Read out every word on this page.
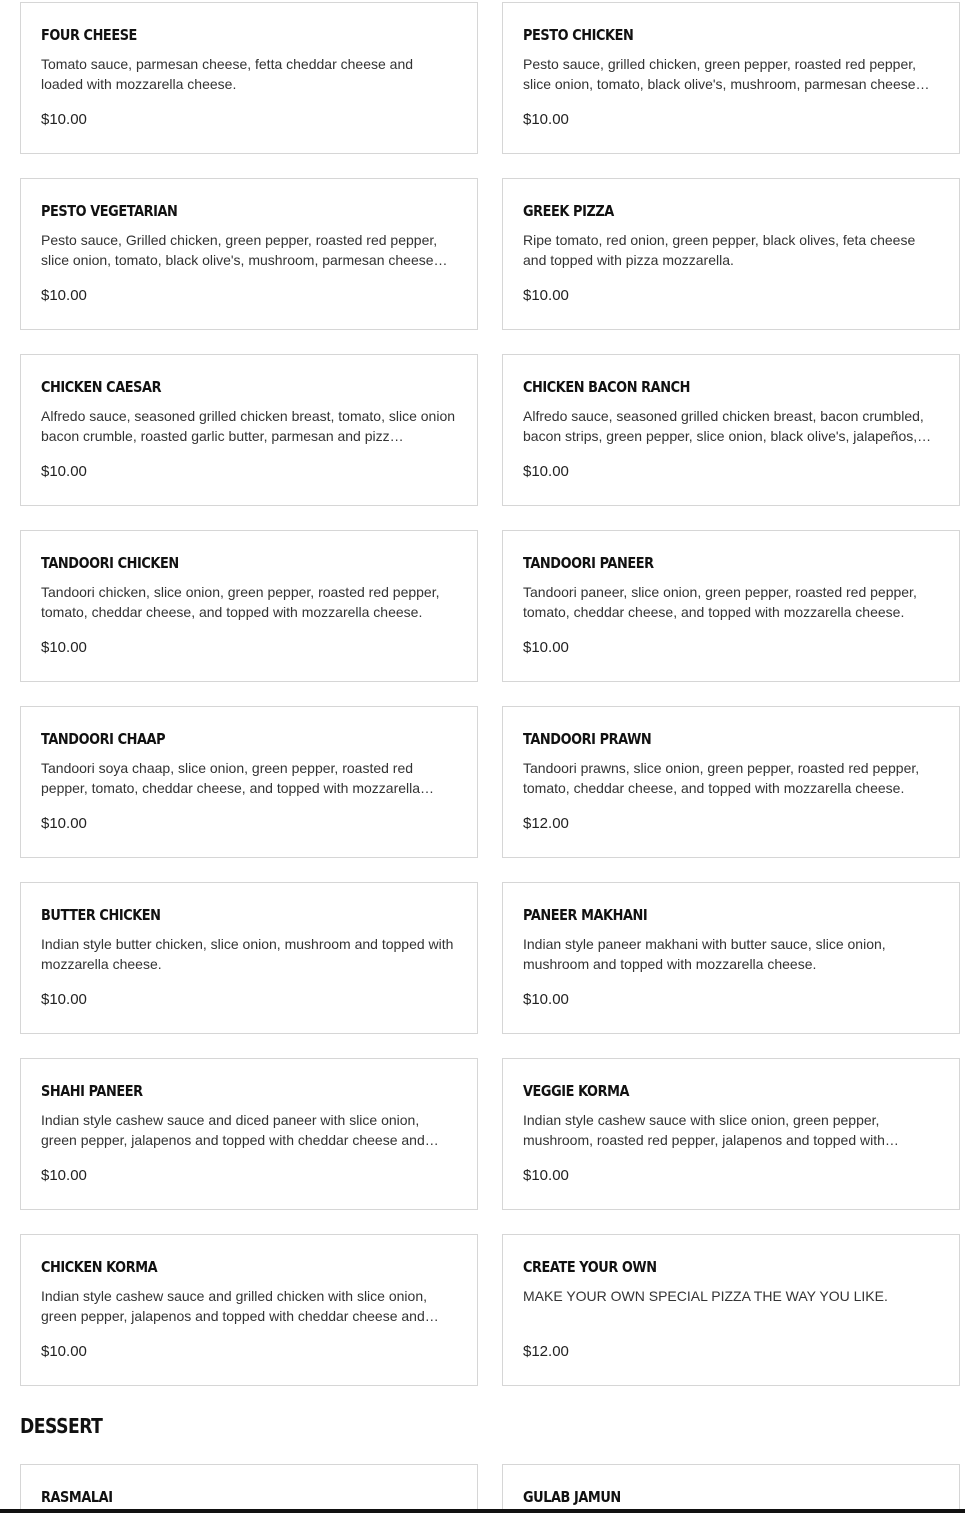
FOUR CHEESE
Tomato sauce, parmesan cheese, fetta cheddar cheese and loaded with mozzarella cheese.
$10.00
PESTO CHICKEN
Pesto sauce, grilled chicken, green pepper, roasted red pepper, slice onion, tomato, black olive's, mushroom, parmesan cheese…
$10.00
PESTO VEGETARIAN
Pesto sauce, Grilled chicken, green pepper, roasted red pepper, slice onion, tomato, black olive's, mushroom, parmesan cheese…
$10.00
GREEK PIZZA
Ripe tomato, red onion, green pepper, black olives, feta cheese and topped with pizza mozzarella.
$10.00
CHICKEN CAESAR
Alfredo sauce, seasoned grilled chicken breast, tomato, slice onion bacon crumble, roasted garlic butter, parmesan and pizz…
$10.00
CHICKEN BACON RANCH
Alfredo sauce, seasoned grilled chicken breast, bacon crumbled, bacon strips, green pepper, slice onion, black olive's, jalapeños,…
$10.00
TANDOORI CHICKEN
Tandoori chicken, slice onion, green pepper, roasted red pepper, tomato, cheddar cheese, and topped with mozzarella cheese.
$10.00
TANDOORI PANEER
Tandoori paneer, slice onion, green pepper, roasted red pepper, tomato, cheddar cheese, and topped with mozzarella cheese.
$10.00
TANDOORI CHAAP
Tandoori soya chaap, slice onion, green pepper, roasted red pepper, tomato, cheddar cheese, and topped with mozzarella…
$10.00
TANDOORI PRAWN
Tandoori prawns, slice onion, green pepper, roasted red pepper, tomato, cheddar cheese, and topped with mozzarella cheese.
$12.00
BUTTER CHICKEN
Indian style butter chicken, slice onion, mushroom and topped with mozzarella cheese.
$10.00
PANEER MAKHANI
Indian style paneer makhani with butter sauce, slice onion, mushroom and topped with mozzarella cheese.
$10.00
SHAHI PANEER
Indian style cashew sauce and diced paneer with slice onion, green pepper, jalapenos and topped with cheddar cheese and…
$10.00
VEGGIE KORMA
Indian style cashew sauce with slice onion, green pepper, mushroom, roasted red pepper, jalapenos and topped with…
$10.00
CHICKEN KORMA
Indian style cashew sauce and grilled chicken with slice onion, green pepper, jalapenos and topped with cheddar cheese and…
$10.00
CREATE YOUR OWN
MAKE YOUR OWN SPECIAL PIZZA THE WAY YOU LIKE.
$12.00
DESSERT
RASMALAI	GULAB JAMUN
